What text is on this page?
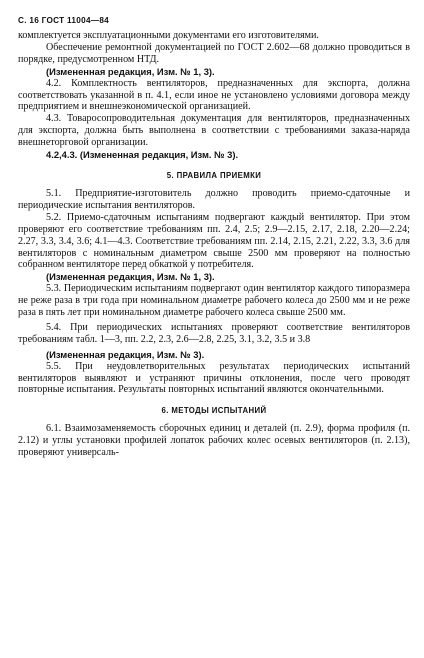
С. 16 ГОСТ 11004—84

комплектуется эксплуатационными документами его изготовителями.

Обеспечение ремонтной документацией по ГОСТ 2.602—68 должно проводиться в порядке, предусмотренном НТД.

(Измененная редакция, Изм. № 1, 3).

4.2. Комплектность вентиляторов, предназначенных для экспорта, должна соответствовать указанной в п. 4.1, если иное не установлено условиями договора между предприятием и внешнеэкономической организацией.

4.3. Товаросопроводительная документация для вентиляторов, предназначенных для экспорта, должна быть выполнена в соответствии с требованиями заказа-наряда внешнеторговой организации.

4.2,4.3. (Измененная редакция, Изм. № 3).

5. ПРАВИЛА ПРИЕМКИ

5.1. Предприятие-изготовитель должно проводить приемо-сдаточные и периодические испытания вентиляторов.

5.2. Приемо-сдаточным испытаниям подвергают каждый вентилятор. При этом проверяют его соответствие требованиям пп. 2.4, 2.5; 2.9—2.15, 2.17, 2.18, 2.20—2.24; 2.27, 3.3, 3.4, 3.6; 4.1—4.3. Соответствие требованиям пп. 2.14, 2.15, 2.21, 2.22, 3.3, 3.6 для вентиляторов с номинальным диаметром свыше 2500 мм проверяют на полностью собранном вентиляторе перед обкаткой у потребителя.

(Измененная редакция, Изм. № 1, 3).

5.3. Периодическим испытаниям подвергают один вентилятор каждого типоразмера не реже раза в три года при номинальном диаметре рабочего колеса до 2500 мм и не реже раза в пять лет при номинальном диаметре рабочего колеса свыше 2500 мм.

5.4. При периодических испытаниях проверяют соответствие вентиляторов требованиям табл. 1—3, пп. 2.2, 2.3, 2.6—2.8, 2.25, 3.1, 3.2, 3.5 и 3.8

(Измененная редакция, Изм. № 3).

5.5. При неудовлетворительных результатах периодических испытаний вентиляторов выявляют и устраняют причины отклонения, после чего проводят повторные испытания. Результаты повторных испытаний являются окончательными.

6. МЕТОДЫ ИСПЫТАНИЙ

6.1. Взаимозаменяемость сборочных единиц и деталей (п. 2.9), форма профиля (п. 2.12) и углы установки профилей лопаток рабочих колес осевых вентиляторов (п. 2.13), проверяют универсаль-
